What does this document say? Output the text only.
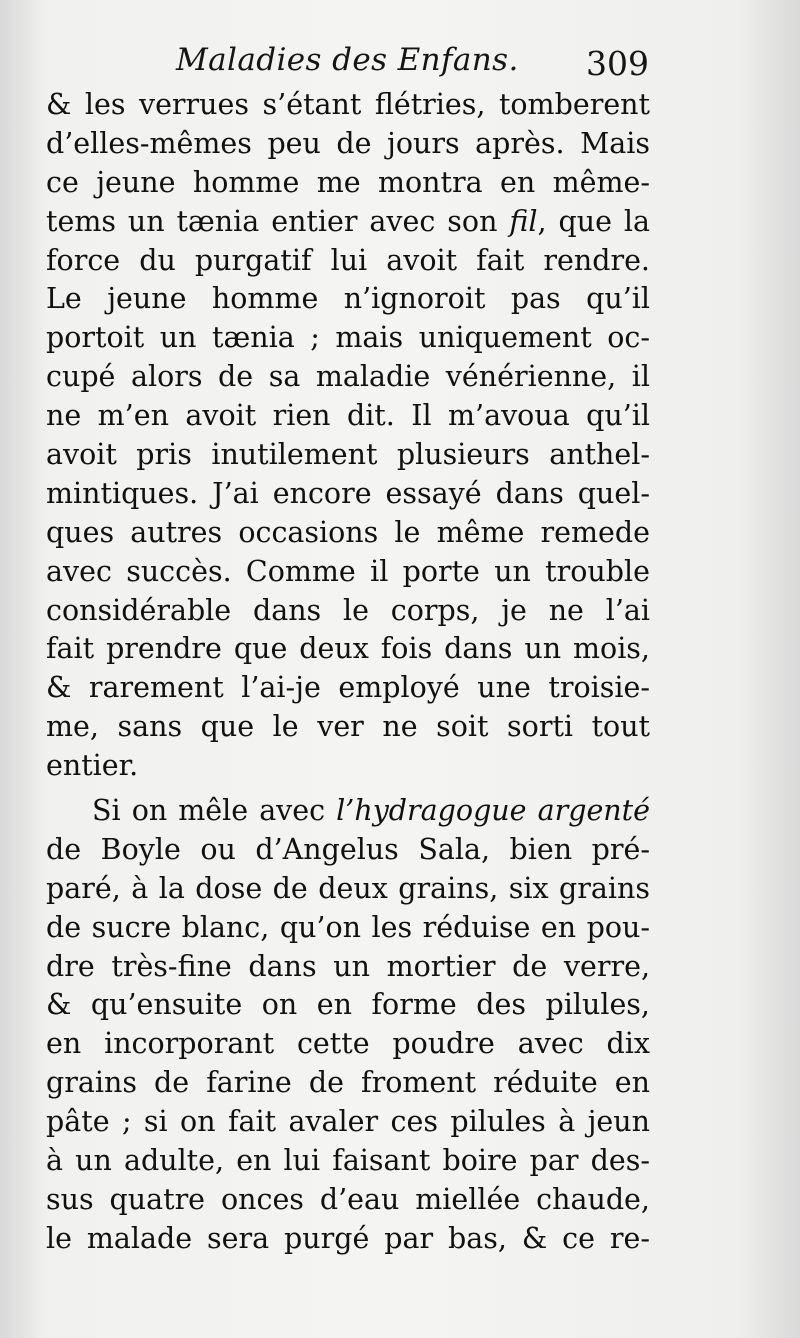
Maladies des Enfans. 309
& les verrues s’étant flétries, tomberent
d’elles-mêmes peu de jours après. Mais
ce jeune homme me montra en même-
tems un tænia entier avec son fil, que la
force du purgatif lui avoit fait rendre.
Le jeune homme n’ignoroit pas qu’il
portoit un tænia ; mais uniquement oc-
cupé alors de sa maladie vénérienne, il
ne m’en avoit rien dit. Il m’avoua qu’il
avoit pris inutilement plusieurs anthel-
mintiques. J’ai encore essayé dans quel-
ques autres occasions le même remede
avec succès. Comme il porte un trouble
considérable dans le corps, je ne l’ai
fait prendre que deux fois dans un mois,
& rarement l’ai-je employé une troisie-
me, sans que le ver ne soit sorti tout
entier.
Si on mêle avec l’hydragogue argenté
de Boyle ou d’Angelus Sala, bien pré-
paré, à la dose de deux grains, six grains
de sucre blanc, qu’on les réduise en pou-
dre très-fine dans un mortier de verre,
& qu’ensuite on en forme des pilules,
en incorporant cette poudre avec dix
grains de farine de froment réduite en
pâte ; si on fait avaler ces pilules à jeun
à un adulte, en lui faisant boire par des-
sus quatre onces d’eau miellée chaude,
le malade sera purgé par bas, & ce re-
